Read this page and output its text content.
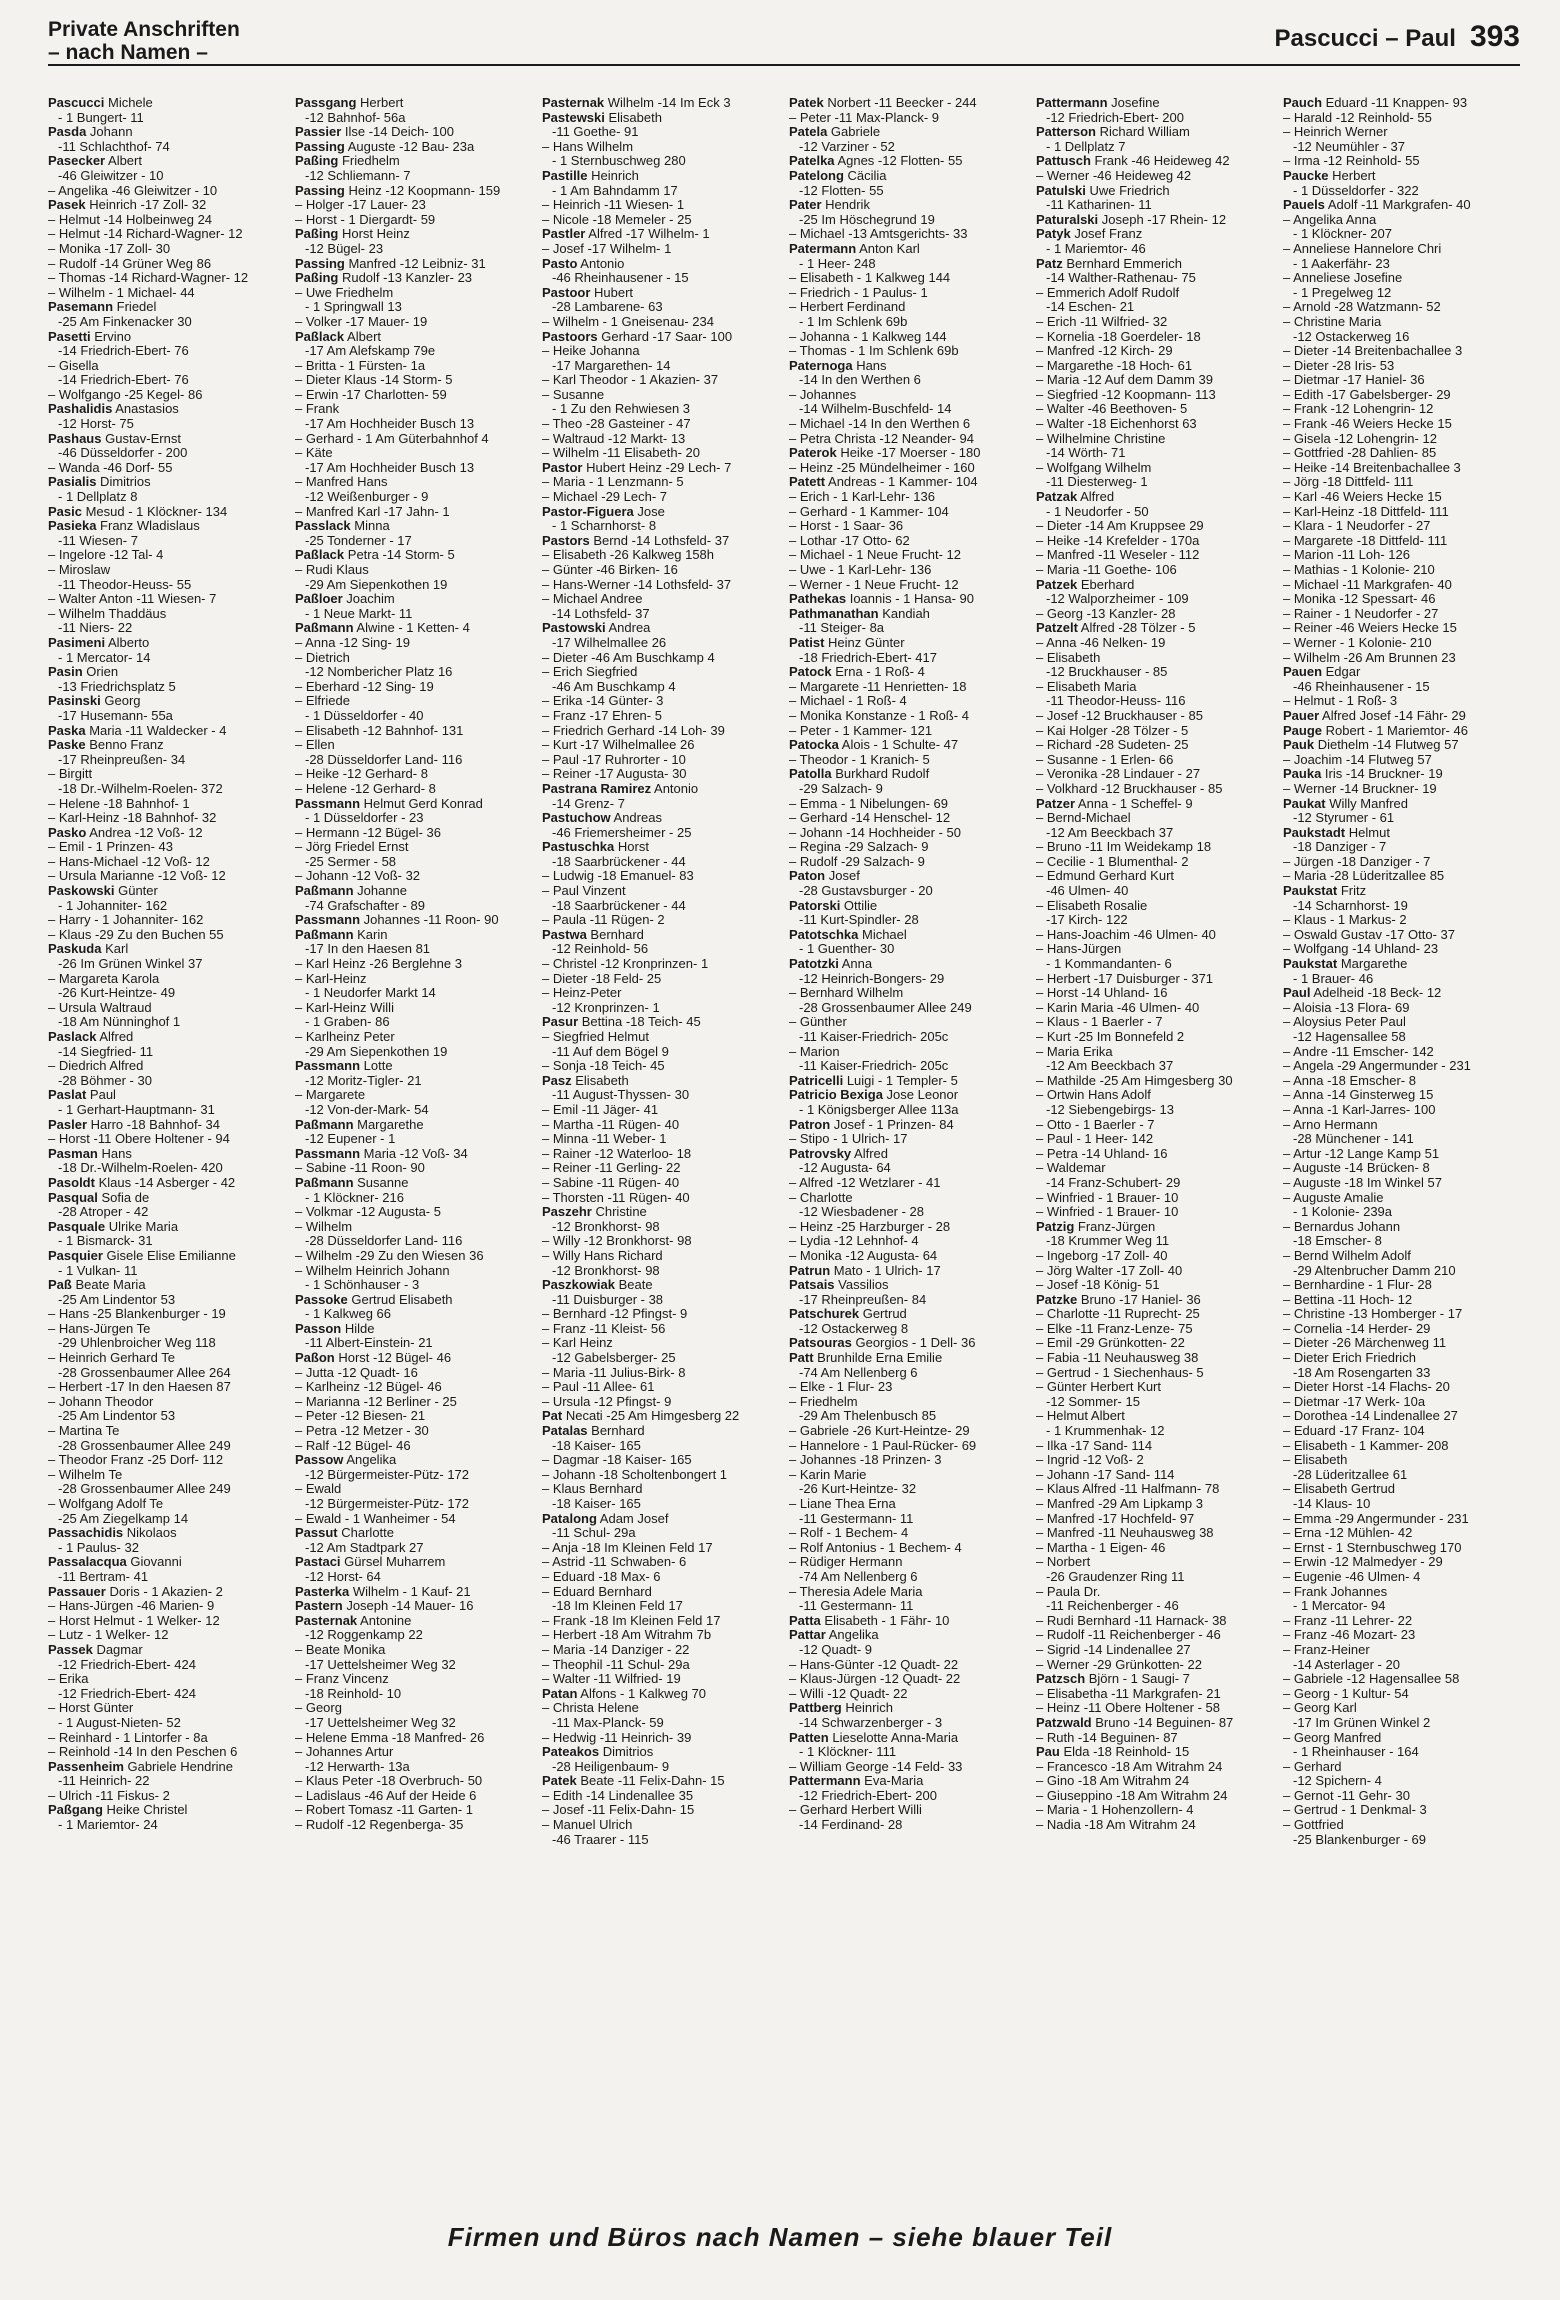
Private Anschriften
– nach Namen –
Pascucci – Paul 393
Pascucci Michele
- 1 Bungert- 11
Pasda Johann
-11 Schlachthof- 74
Pasecker Albert
-46 Gleiwitzer - 10
– Angelika -46 Gleiwitzer - 10
Pasek Heinrich -17 Zoll- 32
– Helmut -14 Holbeinweg 24
– Helmut -14 Richard-Wagner- 12
– Monika -17 Zoll- 30
– Rudolf -14 Grüner Weg 86
– Thomas -14 Richard-Wagner- 12
– Wilhelm - 1 Michael- 44
Pasemann Friedel
-25 Am Finkenacker 30
Pasetti Ervino
-14 Friedrich-Ebert- 76
– Gisella
-14 Friedrich-Ebert- 76
– Wolfgango -25 Kegel- 86
Pashalidis Anastasios
-12 Horst- 75
Pashaus Gustav-Ernst
-46 Düsseldorfer - 200
– Wanda -46 Dorf- 55
Pasialis Dimitrios
- 1 Dellplatz 8
Pasic Mesud - 1 Klöckner- 134
Pasieka Franz Wladislaus
-11 Wiesen- 7
– Ingelore -12 Tal- 4
– Miroslaw
-11 Theodor-Heuss- 55
– Walter Anton -11 Wiesen- 7
– Wilhelm Thaddäus
-11 Niers- 22
Pasimeni Alberto
- 1 Mercator- 14
Pasin Orien
-13 Friedrichsplatz 5
Pasinski Georg
-17 Husemann- 55a
Paska Maria -11 Waldecker - 4
Paske Benno Franz
-17 Rheinpreußen- 34
– Birgitt
-18 Dr.-Wilhelm-Roelen- 372
– Helene -18 Bahnhof- 1
– Karl-Heinz -18 Bahnhof- 32
Pasko Andrea -12 Voß- 12
– Emil - 1 Prinzen- 43
– Hans-Michael -12 Voß- 12
– Ursula Marianne -12 Voß- 12
Paskowski Günter
- 1 Johanniter- 162
– Harry - 1 Johanniter- 162
– Klaus -29 Zu den Buchen 55
Paskuda Karl
-26 Im Grünen Winkel 37
– Margareta Karola
-26 Kurt-Heintze- 49
– Ursula Waltraud
-18 Am Nünninghof 1
Paslack Alfred
-14 Siegfried- 11
– Diedrich Alfred
-28 Böhmer - 30
Paslat Paul
- 1 Gerhart-Hauptmann- 31
Pasler Harro -18 Bahnhof- 34
– Horst -11 Obere Holtener - 94
Pasman Hans
-18 Dr.-Wilhelm-Roelen- 420
Pasoldt Klaus -14 Asberger - 42
Pasqual Sofia de
-28 Atroper - 42
Pasquale Ulrike Maria
- 1 Bismarck- 31
Pasquier Gisele Elise Emilianne
- 1 Vulkan- 11
Paß Beate Maria
-25 Am Lindentor 53
– Hans -25 Blankenburger - 19
– Hans-Jürgen Te
-29 Uhlenbroicher Weg 118
– Heinrich Gerhard Te
-28 Grossenbaumer Allee 264
– Herbert -17 In den Haesen 87
– Johann Theodor
-25 Am Lindentor 53
– Martina Te
-28 Grossenbaumer Allee 249
– Theodor Franz -25 Dorf- 112
– Wilhelm Te
-28 Grossenbaumer Allee 249
– Wolfgang Adolf Te
-25 Am Ziegelkamp 14
Passachidis Nikolaos
- 1 Paulus- 32
Passalacqua Giovanni
-11 Bertram- 41
Passauer Doris - 1 Akazien- 2
– Hans-Jürgen -46 Marien- 9
– Horst Helmut - 1 Welker- 12
– Lutz - 1 Welker- 12
Passek Dagmar
-12 Friedrich-Ebert- 424
– Erika
-12 Friedrich-Ebert- 424
– Horst Günter
- 1 August-Nieten- 52
– Reinhard - 1 Lintorfer - 8a
– Reinhold -14 In den Peschen 6
Passenheim Gabriele Hendrine
-11 Heinrich- 22
– Ulrich -11 Fiskus- 2
Paßgang Heike Christel
- 1 Mariemtor- 24
Passgang Herbert
-12 Bahnhof- 56a
Passier Ilse -14 Deich- 100
Passing Auguste -12 Bau- 23a
Paßing Friedhelm
-12 Schliemann- 7
Passing Heinz -12 Koopmann- 159
– Holger -17 Lauer- 23
– Horst - 1 Diergardt- 59
Paßing Horst Heinz
-12 Bügel- 23
Passing Manfred -12 Leibniz- 31
Paßing Rudolf -13 Kanzler- 23
– Uwe Friedhelm
- 1 Springwall 13
– Volker -17 Mauer- 19
Paßlack Albert
-17 Am Alefskamp 79e
– Britta - 1 Fürsten- 1a
– Dieter Klaus -14 Storm- 5
– Erwin -17 Charlotten- 59
– Frank
-17 Am Hochheider Busch 13
– Gerhard - 1 Am Güterbahnhof 4
– Käte
-17 Am Hochheider Busch 13
– Manfred Hans
-12 Weißenburger - 9
– Manfred Karl -17 Jahn- 1
Passlack Minna
-25 Tonderner - 17
Paßlack Petra -14 Storm- 5
– Rudi Klaus
-29 Am Siepenkothen 19
Paßloer Joachim
- 1 Neue Markt- 11
Paßmann Alwine - 1 Ketten- 4
– Anna -12 Sing- 19
– Dietrich
-12 Nombericher Platz 16
– Eberhard -12 Sing- 19
– Elfriede
- 1 Düsseldorfer - 40
– Elisabeth -12 Bahnhof- 131
– Ellen
-28 Düsseldorfer Land- 116
– Heike -12 Gerhard- 8
– Helene -12 Gerhard- 8
Passmann Helmut Gerd Konrad
- 1 Düsseldorfer - 23
– Hermann -12 Bügel- 36
– Jörg Friedel Ernst
-25 Sermer - 58
– Johann -12 Voß- 32
Paßmann Johanne
-74 Grafschafter - 89
Passmann Johannes -11 Roon- 90
Paßmann Karin
-17 In den Haesen 81
– Karl Heinz -26 Berglehne 3
– Karl-Heinz
- 1 Neudorfer Markt 14
– Karl-Heinz Willi
- 1 Graben- 86
– Karlheinz Peter
-29 Am Siepenkothen 19
Passmann Lotte
-12 Moritz-Tigler- 21
– Margarete
-12 Von-der-Mark- 54
Paßmann Margarethe
-12 Eupener - 1
Passmann Maria -12 Voß- 34
– Sabine -11 Roon- 90
Paßmann Susanne
- 1 Klöckner- 216
– Volkmar -12 Augusta- 5
– Wilhelm
-28 Düsseldorfer Land- 116
– Wilhelm -29 Zu den Wiesen 36
– Wilhelm Heinrich Johann
- 1 Schönhauser - 3
Passoke Gertrud Elisabeth
- 1 Kalkweg 66
Passon Hilde
-11 Albert-Einstein- 21
Paßon Horst -12 Bügel- 46
– Jutta -12 Quadt- 16
– Karlheinz -12 Bügel- 46
– Marianna -12 Berliner - 25
– Peter -12 Biesen- 21
– Petra -12 Metzer - 30
– Ralf -12 Bügel- 46
Passow Angelika
-12 Bürgermeister-Pütz- 172
– Ewald
-12 Bürgermeister-Pütz- 172
– Ewald - 1 Wanheimer - 54
Passut Charlotte
-12 Am Stadtpark 27
Pastaci Gürsel Muharrem
-12 Horst- 64
Pasterka Wilhelm - 1 Kauf- 21
Pastern Joseph -14 Mauer- 16
Pasternak Antonine
-12 Roggenkamp 22
– Beate Monika
-17 Uettelsheimer Weg 32
– Franz Vincenz
-18 Reinhold- 10
– Georg
-17 Uettelsheimer Weg 32
– Helene Emma -18 Manfred- 26
– Johannes Artur
-12 Herwarth- 13a
– Klaus Peter -18 Overbruch- 50
– Ladislaus -46 Auf der Heide 6
– Robert Tomasz -11 Garten- 1
– Rudolf -12 Regenberga- 35
Pasternak Wilhelm -14 Im Eck 3
Pastewski Elisabeth
-11 Goethe- 91
– Hans Wilhelm
- 1 Sternbuschweg 280
Pastille Heinrich
- 1 Am Bahndamm 17
– Heinrich -11 Wiesen- 1
– Nicole -18 Memeler - 25
Pastler Alfred -17 Wilhelm- 1
– Josef -17 Wilhelm- 1
Pasto Antonio
-46 Rheinhausener - 15
Pastoor Hubert
-28 Lambarene- 63
– Wilhelm - 1 Gneisenau- 234
Pastoors Gerhard -17 Saar- 100
– Heike Johanna
-17 Margarethen- 14
– Karl Theodor - 1 Akazien- 37
– Susanne
- 1 Zu den Rehwiesen 3
– Theo -28 Gasteiner - 47
– Waltraud -12 Markt- 13
– Wilhelm -11 Elisabeth- 20
Pastor Hubert Heinz -29 Lech- 7
– Maria - 1 Lenzmann- 5
– Michael -29 Lech- 7
Pastor-Figuera Jose
- 1 Scharnhorst- 8
Pastors Bernd -14 Lothsfeld- 37
– Elisabeth -26 Kalkweg 158h
– Günter -46 Birken- 16
– Hans-Werner -14 Lothsfeld- 37
– Michael Andree
-14 Lothsfeld- 37
Pastowski Andrea
-17 Wilhelmallee 26
– Dieter -46 Am Buschkamp 4
– Erich Siegfried
-46 Am Buschkamp 4
– Erika -14 Günter- 3
– Franz -17 Ehren- 5
– Friedrich Gerhard -14 Loh- 39
– Kurt -17 Wilhelmallee 26
– Paul -17 Ruhrorter - 10
– Reiner -17 Augusta- 30
Pastrana Ramirez Antonio
-14 Grenz- 7
Pastuchow Andreas
-46 Friemersheimer - 25
Pastuschka Horst
-18 Saarbrückener - 44
– Ludwig -18 Emanuel- 83
– Paul Vinzent
-18 Saarbrückener - 44
– Paula -11 Rügen- 2
Pastwa Bernhard
-12 Reinhold- 56
– Christel -12 Kronprinzen- 1
– Dieter -18 Feld- 25
– Heinz-Peter
-12 Kronprinzen- 1
Pasur Bettina -18 Teich- 45
– Siegfried Helmut
-11 Auf dem Bögel 9
– Sonja -18 Teich- 45
Pasz Elisabeth
-11 August-Thyssen- 30
– Emil -11 Jäger- 41
– Martha -11 Rügen- 40
– Minna -11 Weber- 1
– Rainer -12 Waterloo- 18
– Reiner -11 Gerling- 22
– Sabine -11 Rügen- 40
– Thorsten -11 Rügen- 40
Paszehr Christine
-12 Bronkhorst- 98
– Willy -12 Bronkhorst- 98
– Willy Hans Richard
-12 Bronkhorst- 98
Paszkowiak Beate
-11 Duisburger - 38
– Bernhard -12 Pfingst- 9
– Franz -11 Kleist- 56
– Karl Heinz
-12 Gabelsberger- 25
– Maria -11 Julius-Birk- 8
– Paul -11 Allee- 61
– Ursula -12 Pfingst- 9
Pat Necati -25 Am Himgesberg 22
Patalas Bernhard
-18 Kaiser- 165
– Dagmar -18 Kaiser- 165
– Johann -18 Scholtenbongert 1
– Klaus Bernhard
-18 Kaiser- 165
Patalong Adam Josef
-11 Schul- 29a
– Anja -18 Im Kleinen Feld 17
– Astrid -11 Schwaben- 6
– Eduard -18 Max- 6
– Eduard Bernhard
-18 Im Kleinen Feld 17
– Frank -18 Im Kleinen Feld 17
– Herbert -18 Am Witrahm 7b
– Maria -14 Danziger - 22
– Theophil -11 Schul- 29a
– Walter -11 Wilfried- 19
Patan Alfons - 1 Kalkweg 70
– Christa Helene
-11 Max-Planck- 59
– Hedwig -11 Heinrich- 39
Pateakos Dimitrios
-28 Heiligenbaum- 9
Patek Beate -11 Felix-Dahn- 15
– Edith -14 Lindenallee 35
– Josef -11 Felix-Dahn- 15
– Manuel Ulrich
-46 Traarer - 115
Patek Norbert -11 Beecker - 244
– Peter -11 Max-Planck- 9
Patela Gabriele
-12 Varziner - 52
Patelka Agnes -12 Flotten- 55
Patelong Cäcilia
-12 Flotten- 55
Pater Hendrik
-25 Im Höschegrund 19
– Michael -13 Amtsgerichts- 33
Patermann Anton Karl
- 1 Heer- 248
– Elisabeth - 1 Kalkweg 144
– Friedrich - 1 Paulus- 1
– Herbert Ferdinand
- 1 Im Schlenk 69b
– Johanna - 1 Kalkweg 144
– Thomas - 1 Im Schlenk 69b
Paternoga Hans
-14 In den Werthen 6
– Johannes
-14 Wilhelm-Buschfeld- 14
– Michael -14 In den Werthen 6
– Petra Christa -12 Neander- 94
Paterok Heike -17 Moerser - 180
– Heinz -25 Mündelheimer - 160
Patett Andreas - 1 Kammer- 104
– Erich - 1 Karl-Lehr- 136
– Gerhard - 1 Kammer- 104
– Horst - 1 Saar- 36
– Lothar -17 Otto- 62
– Michael - 1 Neue Frucht- 12
– Uwe - 1 Karl-Lehr- 136
– Werner - 1 Neue Frucht- 12
Pathekas Ioannis - 1 Hansa- 90
Pathmanathan Kandiah
-11 Steiger- 8a
Patist Heinz Günter
-18 Friedrich-Ebert- 417
Patock Erna - 1 Roß- 4
– Margarete -11 Henrietten- 18
– Michael - 1 Roß- 4
– Monika Konstanze - 1 Roß- 4
– Peter - 1 Kammer- 121
Patocka Alois - 1 Schulte- 47
– Theodor - 1 Kranich- 5
Patolla Burkhard Rudolf
-29 Salzach- 9
– Emma - 1 Nibelungen- 69
– Gerhard -14 Henschel- 12
– Johann -14 Hochheider - 50
– Regina -29 Salzach- 9
– Rudolf -29 Salzach- 9
Paton Josef
-28 Gustavsburger - 20
Patorski Ottilie
-11 Kurt-Spindler- 28
Patotschka Michael
- 1 Guenther- 30
Patotzki Anna
-12 Heinrich-Bongers- 29
– Bernhard Wilhelm
-28 Grossenbaumer Allee 249
– Günther
-11 Kaiser-Friedrich- 205c
– Marion
-11 Kaiser-Friedrich- 205c
Patricelli Luigi - 1 Templer- 5
Patricio Bexiga Jose Leonor
- 1 Königsberger Allee 113a
Patron Josef - 1 Prinzen- 84
– Stipo - 1 Ulrich- 17
Patrovsky Alfred
-12 Augusta- 64
– Alfred -12 Wetzlarer - 41
– Charlotte
-12 Wiesbadener - 28
– Heinz -25 Harzburger - 28
– Lydia -12 Lehnhof- 4
– Monika -12 Augusta- 64
Patrun Mato - 1 Ulrich- 17
Patsais Vassilios
-17 Rheinpreußen- 84
Patschurek Gertrud
-12 Ostackerweg 8
Patsouras Georgios - 1 Dell- 36
Patt Brunhilde Erna Emilie
-74 Am Nellenberg 6
– Elke - 1 Flur- 23
– Friedhelm
-29 Am Thelenbusch 85
– Gabriele -26 Kurt-Heintze- 29
– Hannelore - 1 Paul-Rücker- 69
– Johannes -18 Prinzen- 3
– Karin Marie
-26 Kurt-Heintze- 32
– Liane Thea Erna
-11 Gestermann- 11
– Rolf - 1 Bechem- 4
– Rolf Antonius - 1 Bechem- 4
– Rüdiger Hermann
-74 Am Nellenberg 6
– Theresia Adele Maria
-11 Gestermann- 11
Patta Elisabeth - 1 Fähr- 10
Pattar Angelika
-12 Quadt- 9
– Hans-Günter -12 Quadt- 22
– Klaus-Jürgen -12 Quadt- 22
– Willi -12 Quadt- 22
Pattberg Heinrich
-14 Schwarzenberger - 3
Patten Lieselotte Anna-Maria
- 1 Klöckner- 111
– William George -14 Feld- 33
Pattermann Eva-Maria
-12 Friedrich-Ebert- 200
– Gerhard Herbert Willi
-14 Ferdinand- 28
Pattermann Josefine
-12 Friedrich-Ebert- 200
Patterson Richard William
- 1 Dellplatz 7
Pattusch Frank -46 Heideweg 42
– Werner -46 Heideweg 42
Patulski Uwe Friedrich
-11 Katharinen- 11
Paturalski Joseph -17 Rhein- 12
Patyk Josef Franz
- 1 Mariemtor- 46
Patz Bernhard Emmerich
-14 Walther-Rathenau- 75
– Emmerich Adolf Rudolf
-14 Eschen- 21
– Erich -11 Wilfried- 32
– Kornelia -18 Goerdeler- 18
– Manfred -12 Kirch- 29
– Margarethe -18 Hoch- 61
– Maria -12 Auf dem Damm 39
– Siegfried -12 Koopmann- 113
– Walter -46 Beethoven- 5
– Walter -18 Eichenhorst 63
– Wilhelmine Christine
-14 Wörth- 71
– Wolfgang Wilhelm
-11 Diesterweg- 1
Patzak Alfred
- 1 Neudorfer - 50
– Dieter -14 Am Kruppsee 29
– Heike -14 Krefelder - 170a
– Manfred -11 Weseler - 112
– Maria -11 Goethe- 106
Patzek Eberhard
-12 Walporzheimer - 109
– Georg -13 Kanzler- 28
Patzelt Alfred -28 Tölzer - 5
– Anna -46 Nelken- 19
– Elisabeth
-12 Bruckhauser - 85
– Elisabeth Maria
-11 Theodor-Heuss- 116
– Josef -12 Bruckhauser - 85
– Kai Holger -28 Tölzer - 5
– Richard -28 Sudeten- 25
– Susanne - 1 Erlen- 66
– Veronika -28 Lindauer - 27
– Volkhard -12 Bruckhauser - 85
Patzer Anna - 1 Scheffel- 9
– Bernd-Michael
-12 Am Beeckbach 37
– Bruno -11 Im Weidekamp 18
– Cecilie - 1 Blumenthal- 2
– Edmund Gerhard Kurt
-46 Ulmen- 40
– Elisabeth Rosalie
-17 Kirch- 122
– Hans-Joachim -46 Ulmen- 40
– Hans-Jürgen
- 1 Kommandanten- 6
– Herbert -17 Duisburger - 371
– Horst -14 Uhland- 16
– Karin Maria -46 Ulmen- 40
– Klaus - 1 Baerler - 7
– Kurt -25 Im Bonnefeld 2
– Maria Erika
-12 Am Beeckbach 37
– Mathilde -25 Am Himgesberg 30
– Ortwin Hans Adolf
-12 Siebengebirgs- 13
– Otto - 1 Baerler - 7
– Paul - 1 Heer- 142
– Petra -14 Uhland- 16
– Waldemar
-14 Franz-Schubert- 29
– Winfried - 1 Brauer- 10
– Winfried - 1 Brauer- 10
Patzig Franz-Jürgen
-18 Krummer Weg 11
– Ingeborg -17 Zoll- 40
– Jörg Walter -17 Zoll- 40
– Josef -18 König- 51
Patzke Bruno -17 Haniel- 36
– Charlotte -11 Ruprecht- 25
– Elke -11 Franz-Lenze- 75
– Emil -29 Grünkotten- 22
– Fabia -11 Neuhausweg 38
– Gertrud - 1 Siechenhaus- 5
– Günter Herbert Kurt
-12 Sommer- 15
– Helmut Albert
- 1 Krummenhak- 12
– Ilka -17 Sand- 114
– Ingrid -12 Voß- 2
– Johann -17 Sand- 114
– Klaus Alfred -11 Halfmann- 78
– Manfred -29 Am Lipkamp 3
– Manfred -17 Hochfeld- 97
– Manfred -11 Neuhausweg 38
– Martha - 1 Eigen- 46
– Norbert
-26 Graudenzer Ring 11
– Paula Dr.
-11 Reichenberger - 46
– Rudi Bernhard -11 Harnack- 38
– Rudolf -11 Reichenberger - 46
– Sigrid -14 Lindenallee 27
– Werner -29 Grünkotten- 22
Patzsch Björn - 1 Saugi- 7
– Elisabetha -11 Markgrafen- 21
– Heinz -11 Obere Holtener - 58
Patzwald Bruno -14 Beguinen- 87
– Ruth -14 Beguinen- 87
Pau Elda -18 Reinhold- 15
– Francesco -18 Am Witrahm 24
– Gino -18 Am Witrahm 24
– Giuseppino -18 Am Witrahm 24
– Maria - 1 Hohenzollern- 4
– Nadia -18 Am Witrahm 24
Pauch Eduard -11 Knappen- 93
– Harald -12 Reinhold- 55
– Heinrich Werner
-12 Neumühler - 37
– Irma -12 Reinhold- 55
Paucke Herbert
- 1 Düsseldorfer - 322
Pauels Adolf -11 Markgrafen- 40
– Angelika Anna
- 1 Klöckner- 207
– Anneliese Hannelore Chri
- 1 Aakerfähr- 23
– Anneliese Josefine
- 1 Pregelweg 12
– Arnold -28 Watzmann- 52
– Christine Maria
-12 Ostackerweg 16
– Dieter -14 Breitenbachallee 3
– Dieter -28 Iris- 53
– Dietmar -17 Haniel- 36
– Edith -17 Gabelsberger- 29
– Frank -12 Lohengrin- 12
– Frank -46 Weiers Hecke 15
– Gisela -12 Lohengrin- 12
– Gottfried -28 Dahlien- 85
– Heike -14 Breitenbachallee 3
– Jörg -18 Dittfeld- 111
– Karl -46 Weiers Hecke 15
– Karl-Heinz -18 Dittfeld- 111
– Klara - 1 Neudorfer - 27
– Margarete -18 Dittfeld- 111
– Marion -11 Loh- 126
– Mathias - 1 Kolonie- 210
– Michael -11 Markgrafen- 40
– Monika -12 Spessart- 46
– Rainer - 1 Neudorfer - 27
– Reiner -46 Weiers Hecke 15
– Werner - 1 Kolonie- 210
– Wilhelm -26 Am Brunnen 23
Pauen Edgar
-46 Rheinhausener - 15
– Helmut - 1 Roß- 3
Pauer Alfred Josef -14 Fähr- 29
Pauge Robert - 1 Mariemtor- 46
Pauk Diethelm -14 Flutweg 57
– Joachim -14 Flutweg 57
Pauka Iris -14 Bruckner- 19
– Werner -14 Bruckner- 19
Paukat Willy Manfred
-12 Styrumer - 61
Paukstadt Helmut
-18 Danziger - 7
– Jürgen -18 Danziger - 7
– Maria -28 Lüderitzallee 85
Paukstat Fritz
-14 Scharnhorst- 19
– Klaus - 1 Markus- 2
– Oswald Gustav -17 Otto- 37
– Wolfgang -14 Uhland- 23
Paukstat Margarethe
- 1 Brauer- 46
Paul Adelheid -18 Beck- 12
– Aloisia -13 Flora- 69
– Aloysius Peter Paul
-12 Hagensallee 58
– Andre -11 Emscher- 142
– Angela -29 Angermunder - 231
– Anna -18 Emscher- 8
– Anna -14 Ginsterweg 15
– Anna -1 Karl-Jarres- 100
– Arno Hermann
-28 Münchener - 141
– Artur -12 Lange Kamp 51
– Auguste -14 Brücken- 8
– Auguste -18 Im Winkel 57
– Auguste Amalie
- 1 Kolonie- 239a
– Bernardus Johann
-18 Emscher- 8
– Bernd Wilhelm Adolf
-29 Altenbrucher Damm 210
– Bernhardine - 1 Flur- 28
– Bettina -11 Hoch- 12
– Christine -13 Homberger - 17
– Cornelia -14 Herder- 29
– Dieter -26 Märchenweg 11
– Dieter Erich Friedrich
-18 Am Rosengarten 33
– Dieter Horst -14 Flachs- 20
– Dietmar -17 Werk- 10a
– Dorothea -14 Lindenallee 27
– Eduard -17 Franz- 104
– Elisabeth - 1 Kammer- 208
– Elisabeth
-28 Lüderitzallee 61
– Elisabeth Gertrud
-14 Klaus- 10
– Emma -29 Angermunder - 231
– Erna -12 Mühlen- 42
– Ernst - 1 Sternbuschweg 170
– Erwin -12 Malmedyer - 29
– Eugenie -46 Ulmen- 4
– Frank Johannes
- 1 Mercator- 94
– Franz -11 Lehrer- 22
– Franz -46 Mozart- 23
– Franz-Heiner
-14 Asterlager - 20
– Gabriele -12 Hagensallee 58
– Georg - 1 Kultur- 54
– Georg Karl
-17 Im Grünen Winkel 2
– Georg Manfred
- 1 Rheinhauser - 164
– Gerhard
-12 Spichern- 4
– Gernot -11 Gehr- 30
– Gertrud - 1 Denkmal- 3
– Gottfried
-25 Blankenburger - 69
Firmen und Büros nach Namen – siehe blauer Teil
